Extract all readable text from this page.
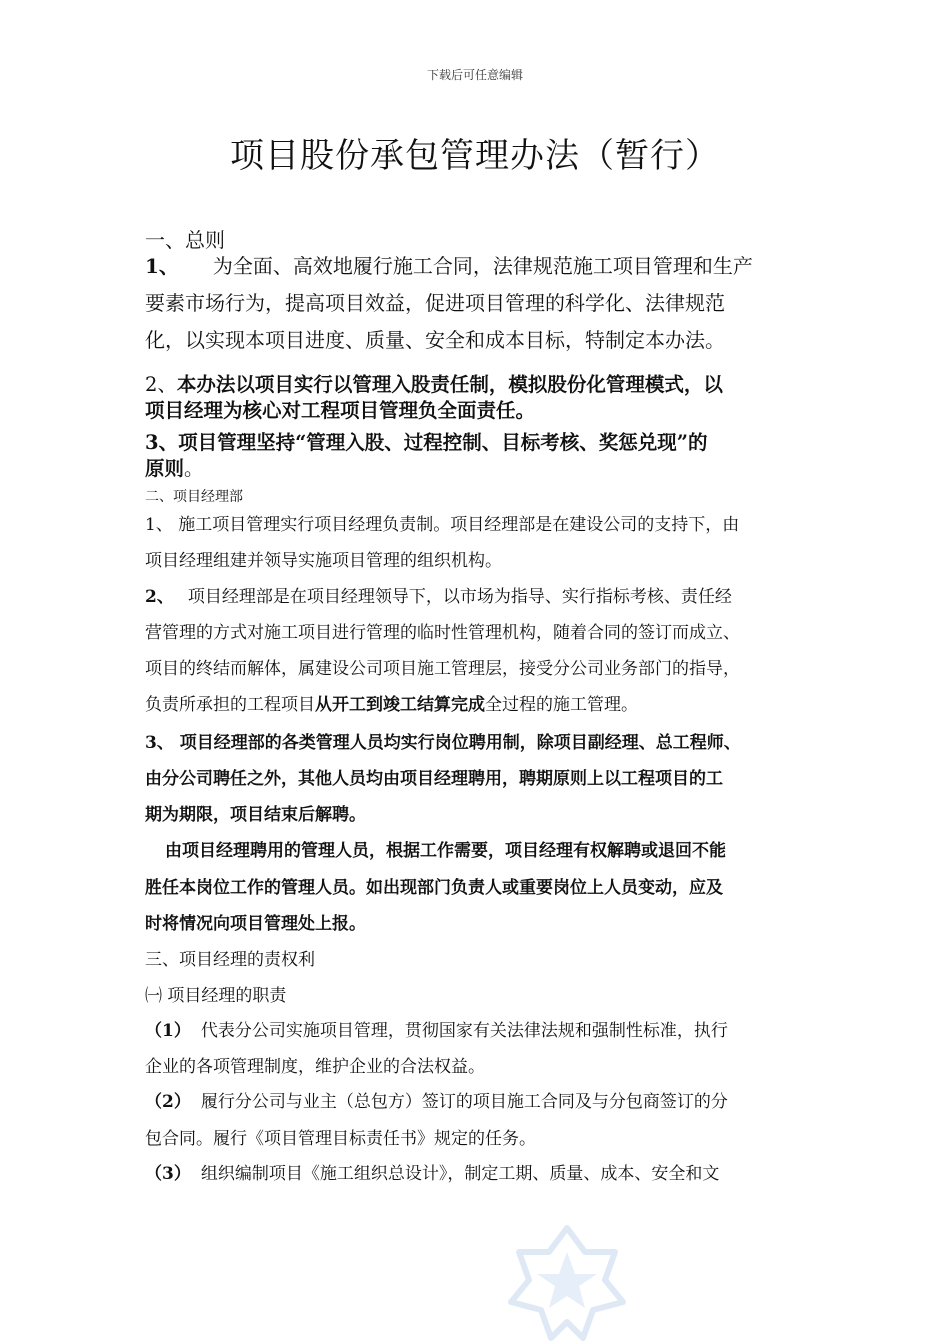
下载后可任意编辑
项目股份承包管理办法（暂行）
一、总则
1、 为全面、高效地履行施工合同，法律规范施工项目管理和生产
要素市场行为，提高项目效益，促进项目管理的科学化、法律规范
化，以实现本项目进度、质量、安全和成本目标，特制定本办法。
2、本办法以项目实行以管理入股责任制，模拟股份化管理模式，以
项目经理为核心对工程项目管理负全面责任。
3、项目管理坚持“管理入股、过程控制、目标考核、奖惩兑现”的
原则。
二、项目经理部
1、 施工项目管理实行项目经理负责制。项目经理部是在建设公司的支持下，由
项目经理组建并领导实施项目管理的组织机构。
2、 项目经理部是在项目经理领导下，以市场为指导、实行指标考核、责任经
营管理的方式对施工项目进行管理的临时性管理机构，随着合同的签订而成立、
项目的终结而解体，属建设公司项目施工管理层，接受分公司业务部门的指导，
负责所承担的工程项目从开工到竣工结算完成全过程的施工管理。
3、 项目经理部的各类管理人员均实行岗位聘用制，除项目副经理、总工程师、
由分公司聘任之外，其他人员均由项目经理聘用，聘期原则上以工程项目的工
期为期限，项目结束后解聘。
由项目经理聘用的管理人员，根据工作需要，项目经理有权解聘或退回不能
胜任本岗位工作的管理人员。如出现部门负责人或重要岗位上人员变动，应及
时将情况向项目管理处上报。
三、项目经理的责权利
㈠ 项目经理的职责
（1） 代表分公司实施项目管理，贯彻国家有关法律法规和强制性标准，执行
企业的各项管理制度，维护企业的合法权益。
（2） 履行分公司与业主（总包方）签订的项目施工合同及与分包商签订的分
包合同。履行《项目管理目标责任书》规定的任务。
（3） 组织编制项目《施工组织总设计》，制定工期、质量、成本、安全和文
